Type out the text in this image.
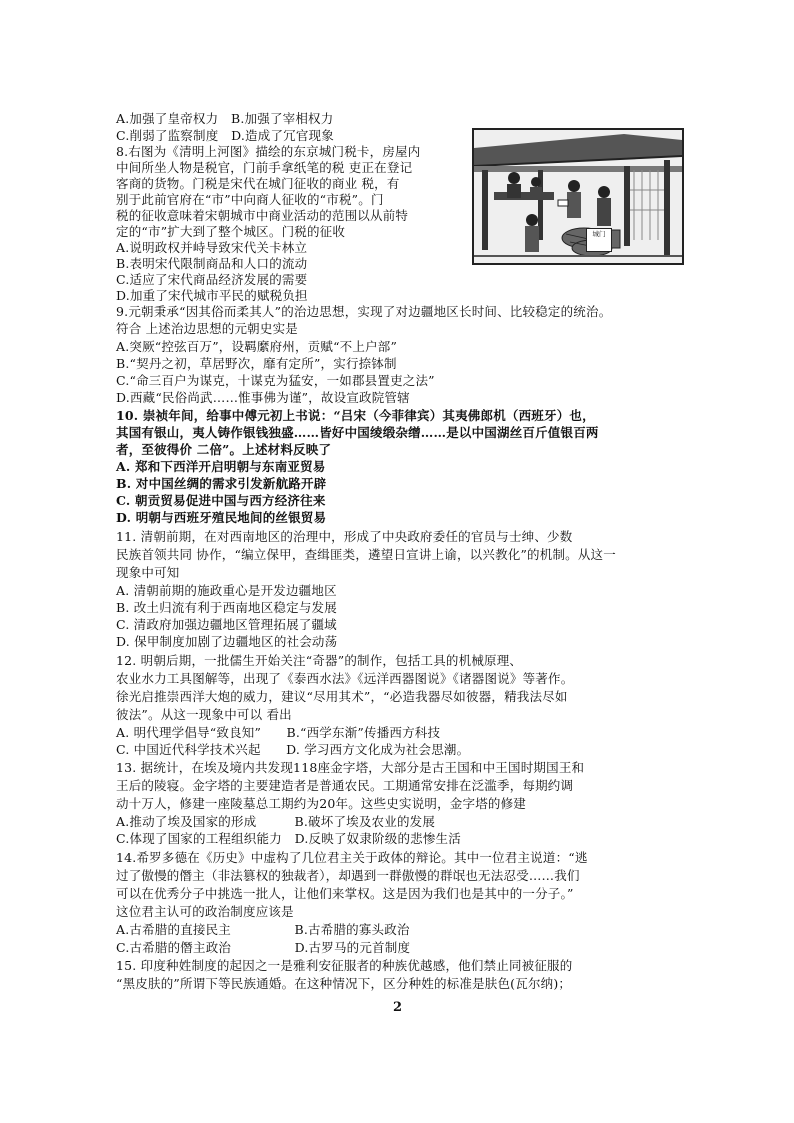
城门
A.加强了皇帝权力　B.加强了宰相权力
C.削弱了监察制度　D.造成了冗官现象
8.右图为《清明上河图》描绘的东京城门税卡，房屋内
中间所坐人物是税官，门前手拿纸笔的税 吏正在登记
客商的货物。门税是宋代在城门征收的商业 税，有
别于此前官府在“市”中向商人征收的“市税”。门
税的征收意味着宋朝城市中商业活动的范围以从前特
定的“市”扩大到了整个城区。门税的征收
A.说明政权并峙导致宋代关卡林立
B.表明宋代限制商品和人口的流动
C.适应了宋代商品经济发展的需要
D.加重了宋代城市平民的赋税负担
9.元朝秉承“因其俗而柔其人”的治边思想，实现了对边疆地区长时间、比较稳定的统治。
符合 上述治边思想的元朝史实是
A.突厥“控弦百万”，设羁縻府州，贡赋“不上户部”
B.“契丹之初，草居野次，靡有定所”，实行捺钵制
C.“命三百户为谋克，十谋克为猛安，一如郡县置吏之法”
D.西藏“民俗尚武……惟事佛为谨”，故设宣政院管辖
10. 崇祯年间，给事中傅元初上书说：“吕宋（今菲律宾）其夷佛郎机（西班牙）也，
其国有银山，夷人铸作银钱独盛……皆好中国绫缎杂缯……是以中国湖丝百斤值银百两
者，至彼得价 二倍”。上述材料反映了
A. 郑和下西洋开启明朝与东南亚贸易
B. 对中国丝绸的需求引发新航路开辟
C. 朝贡贸易促进中国与西方经济往来
D. 明朝与西班牙殖民地间的丝银贸易
11. 清朝前期，在对西南地区的治理中，形成了中央政府委任的官员与士绅、少数
民族首领共同 协作，“编立保甲，查缉匪类，遴望日宣讲上谕，以兴教化”的机制。从这一
现象中可知
A. 清朝前期的施政重心是开发边疆地区
B. 改土归流有利于西南地区稳定与发展
C. 清政府加强边疆地区管理拓展了疆域
D. 保甲制度加剧了边疆地区的社会动荡
12. 明朝后期，一批儒生开始关注“奇器”的制作，包括工具的机械原理、
农业水力工具图解等，出现了《泰西水法》《远洋西器图说》《诸器图说》等著作。
徐光启推崇西洋大炮的威力，建议“尽用其术”，“必造我器尽如彼器，精我法尽如
彼法”。从这一现象中可以 看出
A. 明代理学倡导“致良知”　　B.“西学东渐”传播西方科技
C. 中国近代科学技术兴起　　D. 学习西方文化成为社会思潮。
13. 据统计，在埃及境内共发现118座金字塔，大部分是古王国和中王国时期国王和
王后的陵寝。金字塔的主要建造者是普通农民。工期通常安排在泛滥季，每期约调
动十万人，修建一座陵墓总工期约为20年。这些史实说明，金字塔的修建
A.推动了埃及国家的形成　　　B.破坏了埃及农业的发展
C.体现了国家的工程组织能力　D.反映了奴隶阶级的悲惨生活
14.希罗多德在《历史》中虚构了几位君主关于政体的辩论。其中一位君主说道：“逃
过了傲慢的僭主（非法篡权的独裁者），却遇到一群傲慢的群氓也无法忍受……我们
可以在优秀分子中挑选一批人，让他们来掌权。这是因为我们也是其中的一分子。”
这位君主认可的政治制度应该是
A.古希腊的直接民主　　　　　B.古希腊的寡头政治
C.古希腊的僭主政治　　　　　D.古罗马的元首制度
15. 印度种姓制度的起因之一是雅利安征服者的种族优越感，他们禁止同被征服的
“黑皮肤的”所谓下等民族通婚。在这种情况下，区分种姓的标准是肤色(瓦尔纳)；
2
